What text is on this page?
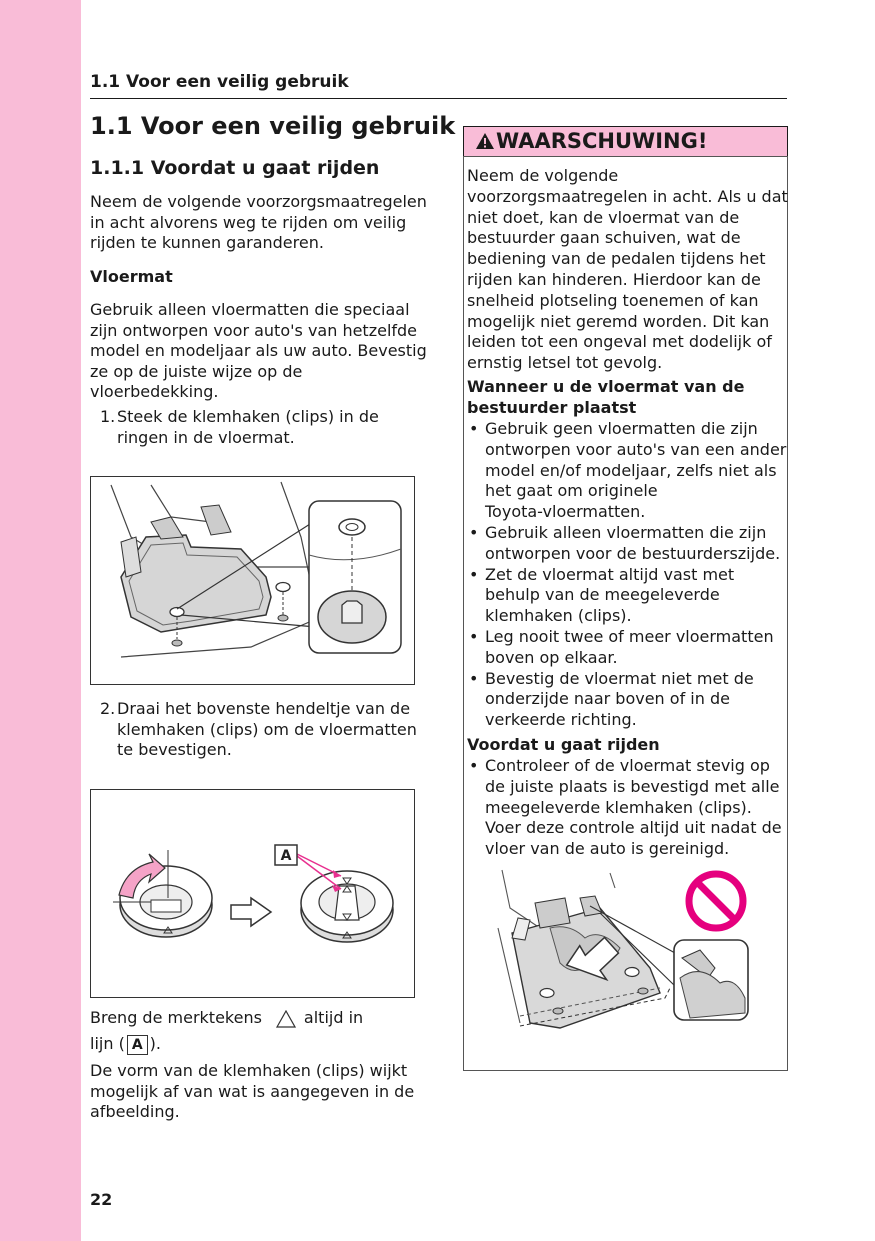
1.1 Voor een veilig gebruik
1.1 Voor een veilig gebruik
1.1.1 Voordat u gaat rijden
Neem de volgende voorzorgsmaatregelen
in acht alvorens weg te rijden om veilig
rijden te kunnen garanderen.
Vloermat
Gebruik alleen vloermatten die speciaal
zijn ontworpen voor auto's van hetzelfde
model en modeljaar als uw auto. Bevestig
ze op de juiste wijze op de
vloerbedekking.
1. Steek de klemhaken (clips) in de
ringen in de vloermat.
2. Draai het bovenste hendeltje van de
klemhaken (clips) om de vloermatten
te bevestigen.
A
Breng de merktekens	altijd in
lijn ( A ).
De vorm van de klemhaken (clips) wijkt
mogelijk af van wat is aangegeven in de
afbeelding.
WAARSCHUWING!
Neem de volgende
voorzorgsmaatregelen in acht. Als u dat
niet doet, kan de vloermat van de
bestuurder gaan schuiven, wat de
bediening van de pedalen tijdens het
rijden kan hinderen. Hierdoor kan de
snelheid plotseling toenemen of kan
mogelijk niet geremd worden. Dit kan
leiden tot een ongeval met dodelijk of
ernstig letsel tot gevolg.
Wanneer u de vloermat van de
bestuurder plaatst
• Gebruik geen vloermatten die zijn
ontworpen voor auto's van een ander
model en/of modeljaar, zelfs niet als
het gaat om originele
Toyota-vloermatten.
• Gebruik alleen vloermatten die zijn
ontworpen voor de bestuurderszijde.
• Zet de vloermat altijd vast met
behulp van de meegeleverde
klemhaken (clips).
• Leg nooit twee of meer vloermatten
boven op elkaar.
• Bevestig de vloermat niet met de
onderzijde naar boven of in de
verkeerde richting.
Voordat u gaat rijden
• Controleer of de vloermat stevig op
de juiste plaats is bevestigd met alle
meegeleverde klemhaken (clips).
Voer deze controle altijd uit nadat de
vloer van de auto is gereinigd.
22
